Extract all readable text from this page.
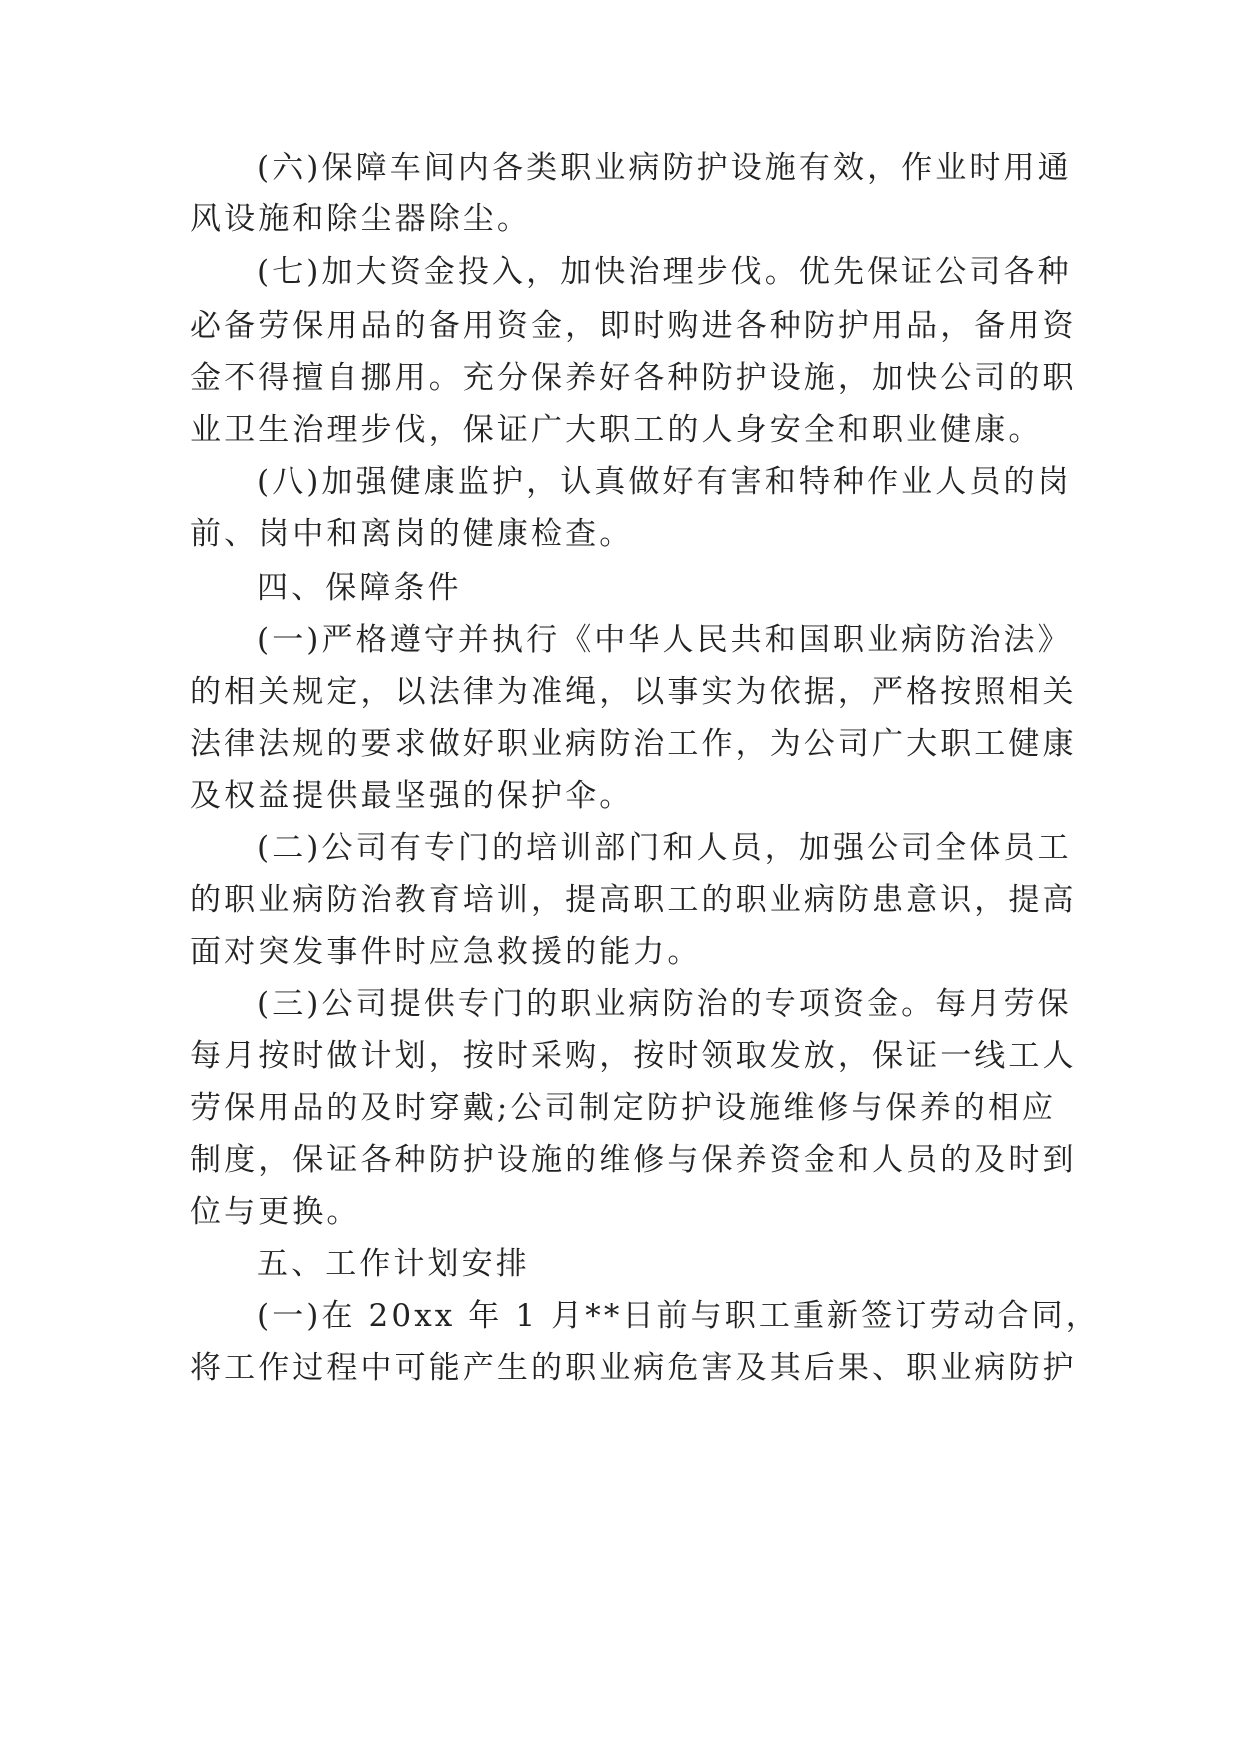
(六)保障车间内各类职业病防护设施有效，作业时用通

风设施和除尘器除尘。

(七)加大资金投入，加快治理步伐。优先保证公司各种

必备劳保用品的备用资金，即时购进各种防护用品，备用资

金不得擅自挪用。充分保养好各种防护设施，加快公司的职

业卫生治理步伐，保证广大职工的人身安全和职业健康。

(八)加强健康监护，认真做好有害和特种作业人员的岗

前、岗中和离岗的健康检查。

四、保障条件

(一)严格遵守并执行《中华人民共和国职业病防治法》

的相关规定，以法律为准绳，以事实为依据，严格按照相关

法律法规的要求做好职业病防治工作，为公司广大职工健康

及权益提供最坚强的保护伞。

(二)公司有专门的培训部门和人员，加强公司全体员工

的职业病防治教育培训，提高职工的职业病防患意识，提高

面对突发事件时应急救援的能力。

(三)公司提供专门的职业病防治的专项资金。每月劳保

每月按时做计划，按时采购，按时领取发放，保证一线工人

劳保用品的及时穿戴;公司制定防护设施维修与保养的相应

制度，保证各种防护设施的维修与保养资金和人员的及时到

位与更换。

五、工作计划安排

(一)在 20xx 年 1 月**日前与职工重新签订劳动合同，

将工作过程中可能产生的职业病危害及其后果、职业病防护
